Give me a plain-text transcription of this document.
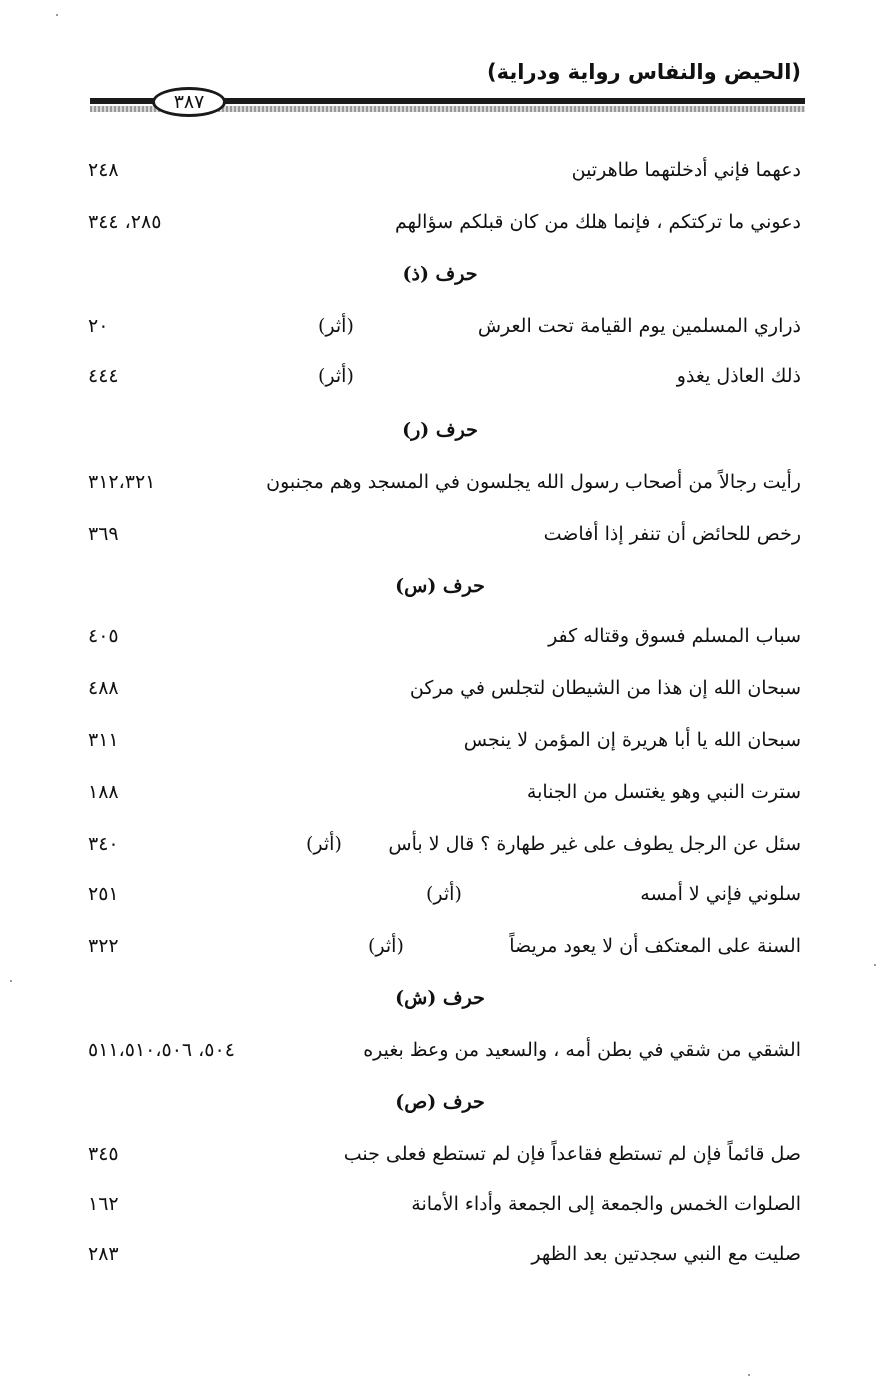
(الحيض والنفاس رواية ودراية)
٣٨٧
دعهما فإني أدخلتهما طاهرتين
٢٤٨
دعوني ما تركتكم ، فإنما هلك من كان قبلكم سؤالهم
٢٨٥، ٣٤٤
حرف (ذ)
ذراري المسلمين يوم القيامة تحت العرش
(أثر)
٢٠
ذلك العاذل يغذو
(أثر)
٤٤٤
حرف (ر)
رأيت رجالاً من أصحاب رسول الله يجلسون في المسجد وهم مجنبون
٣١٢،٣٢١
رخص للحائض أن تنفر إذا أفاضت
٣٦٩
حرف (س)
سباب المسلم فسوق وقتاله كفر
٤٠٥
سبحان الله إن هذا من الشيطان لتجلس في مركن
٤٨٨
سبحان الله يا أبا هريرة إن المؤمن لا ينجس
٣١١
سترت النبي وهو يغتسل من الجنابة
١٨٨
سئل عن الرجل يطوف على غير طهارة ؟ قال لا بأس
(أثر)
٣٤٠
سلوني فإني لا أمسه
(أثر)
٢٥١
السنة على المعتكف أن لا يعود مريضاً
(أثر)
٣٢٢
حرف (ش)
الشقي من شقي في بطن أمه ، والسعيد من وعظ بغيره
٥٠٤، ٥١١،٥١٠،٥٠٦
حرف (ص)
صل قائماً فإن لم تستطع فقاعداً فإن لم تستطع فعلى جنب
٣٤٥
الصلوات الخمس والجمعة إلى الجمعة وأداء الأمانة
١٦٢
صليت مع النبي سجدتين بعد الظهر
٢٨٣
